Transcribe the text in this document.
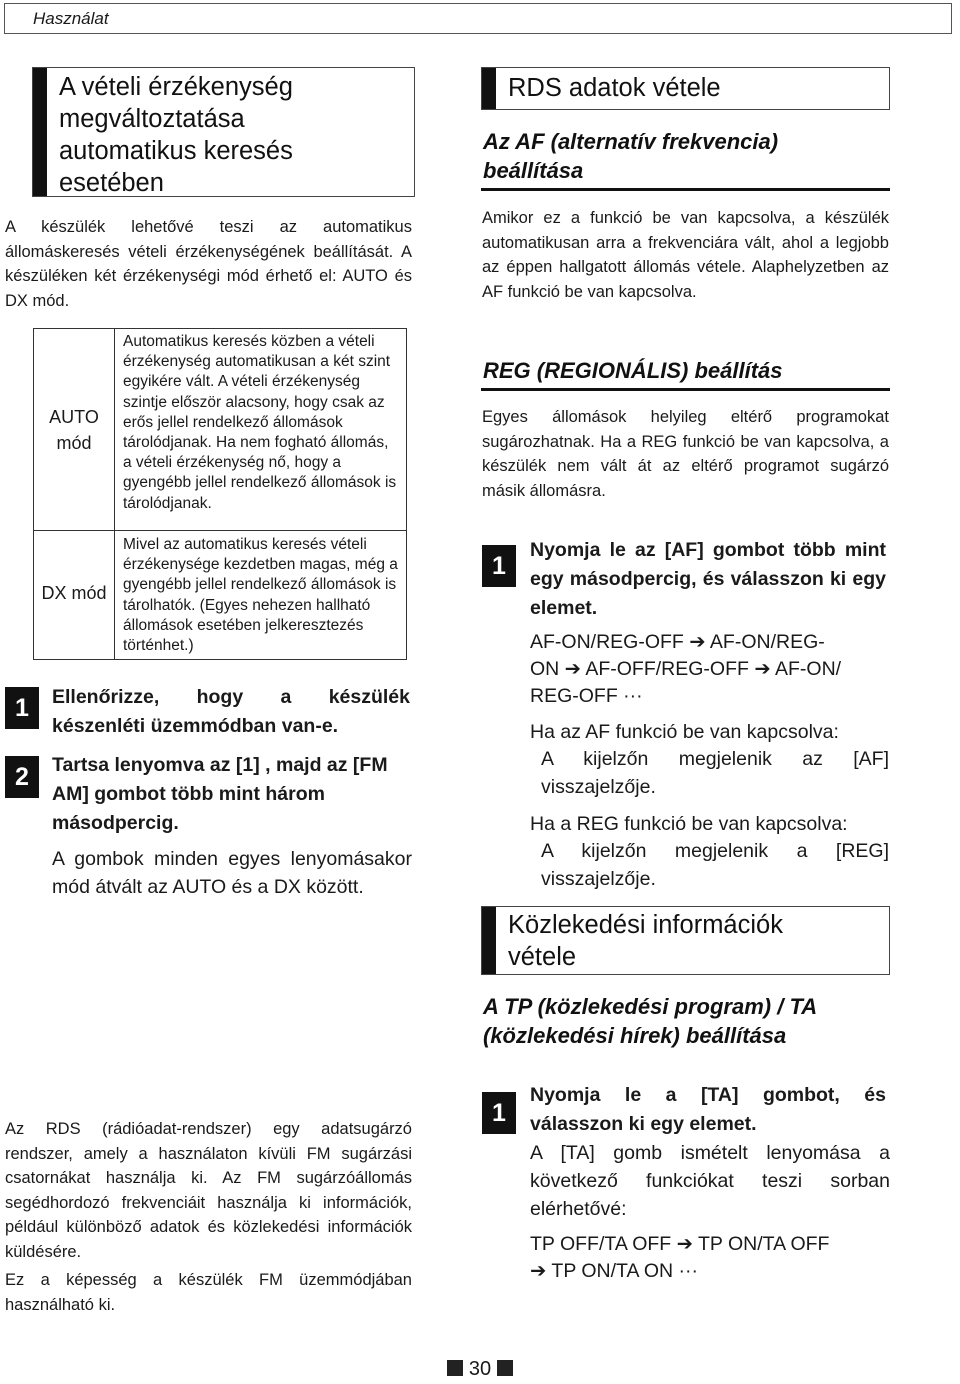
Használat
A vételi érzékenység megváltoztatása automatikus keresés esetében
A készülék lehetővé teszi az automatikus állomáskeresés vételi érzékenységének beállítását. A készüléken két érzékenységi mód érhető el: AUTO és DX mód.
AUTO
mód
Automatikus keresés közben a vételi érzékenység automatikusan a két szint egyikére vált. A vételi érzékenység szintje először alacsony, hogy csak az erős jellel rendelkező állomások tárolódjanak. Ha nem fogható állomás, a vételi érzékenység nő, hogy a gyengébb jellel rendelkező állomások is tárolódjanak.
DX mód
Mivel az automatikus keresés vételi érzékenysége kezdetben magas, még a gyengébb jellel rendelkező állomások is tárolhatók. (Egyes nehezen hallható állomások esetében jelkeresztezés történhet.)
1	Ellenőrizze, hogy a készülék készenléti üzemmódban van-e.
2	Tartsa lenyomva az [1] , majd az [FM AM] gombot több mint három másodpercig.
A gombok minden egyes lenyomásakor mód átvált az AUTO és a DX között.
Az RDS (rádióadat-rendszer) egy adatsugárzó rendszer, amely a használaton kívüli FM sugárzási csatornákat használja ki. Az FM sugárzóállomás segédhordozó frekvenciáit használja ki információk, például különböző adatok és közlekedési információk küldésére.
Ez a képesség a készülék FM üzemmódjában használható ki.
RDS adatok vétele
Az AF (alternatív frekvencia) beállítása
Amikor ez a funkció be van kapcsolva, a készülék automatikusan arra a frekvenciára vált, ahol a legjobb az éppen hallgatott állomás vétele. Alaphelyzetben az AF funkció be van kapcsolva.
REG (REGIONÁLIS) beállítás
Egyes állomások helyileg eltérő programokat sugározhatnak. Ha a REG funkció be van kapcsolva, a készülék nem vált át az eltérő programot sugárzó másik állomásra.
1
Nyomja le az [AF] gombot több mint egy másodpercig, és válasszon ki egy elemet.
AF-ON/REG-OFF ➔ AF-ON/REG-
ON ➔ AF-OFF/REG-OFF ➔ AF-ON/
REG-OFF ···
Ha az AF funkció be van kapcsolva:
A kijelzőn megjelenik az [AF] visszajelzője.
Ha a REG funkció be van kapcsolva:
A kijelzőn megjelenik a [REG] visszajelzője.
Közlekedési információk vétele
A TP (közlekedési program) / TA (közlekedési hírek) beállítása
1
Nyomja le a [TA] gombot, és válasszon ki egy elemet.
A [TA] gomb ismételt lenyomása a következő funkciókat teszi sorban elérhetővé:
TP OFF/TA OFF ➔ TP ON/TA OFF
➔ TP ON/TA ON ···
30
